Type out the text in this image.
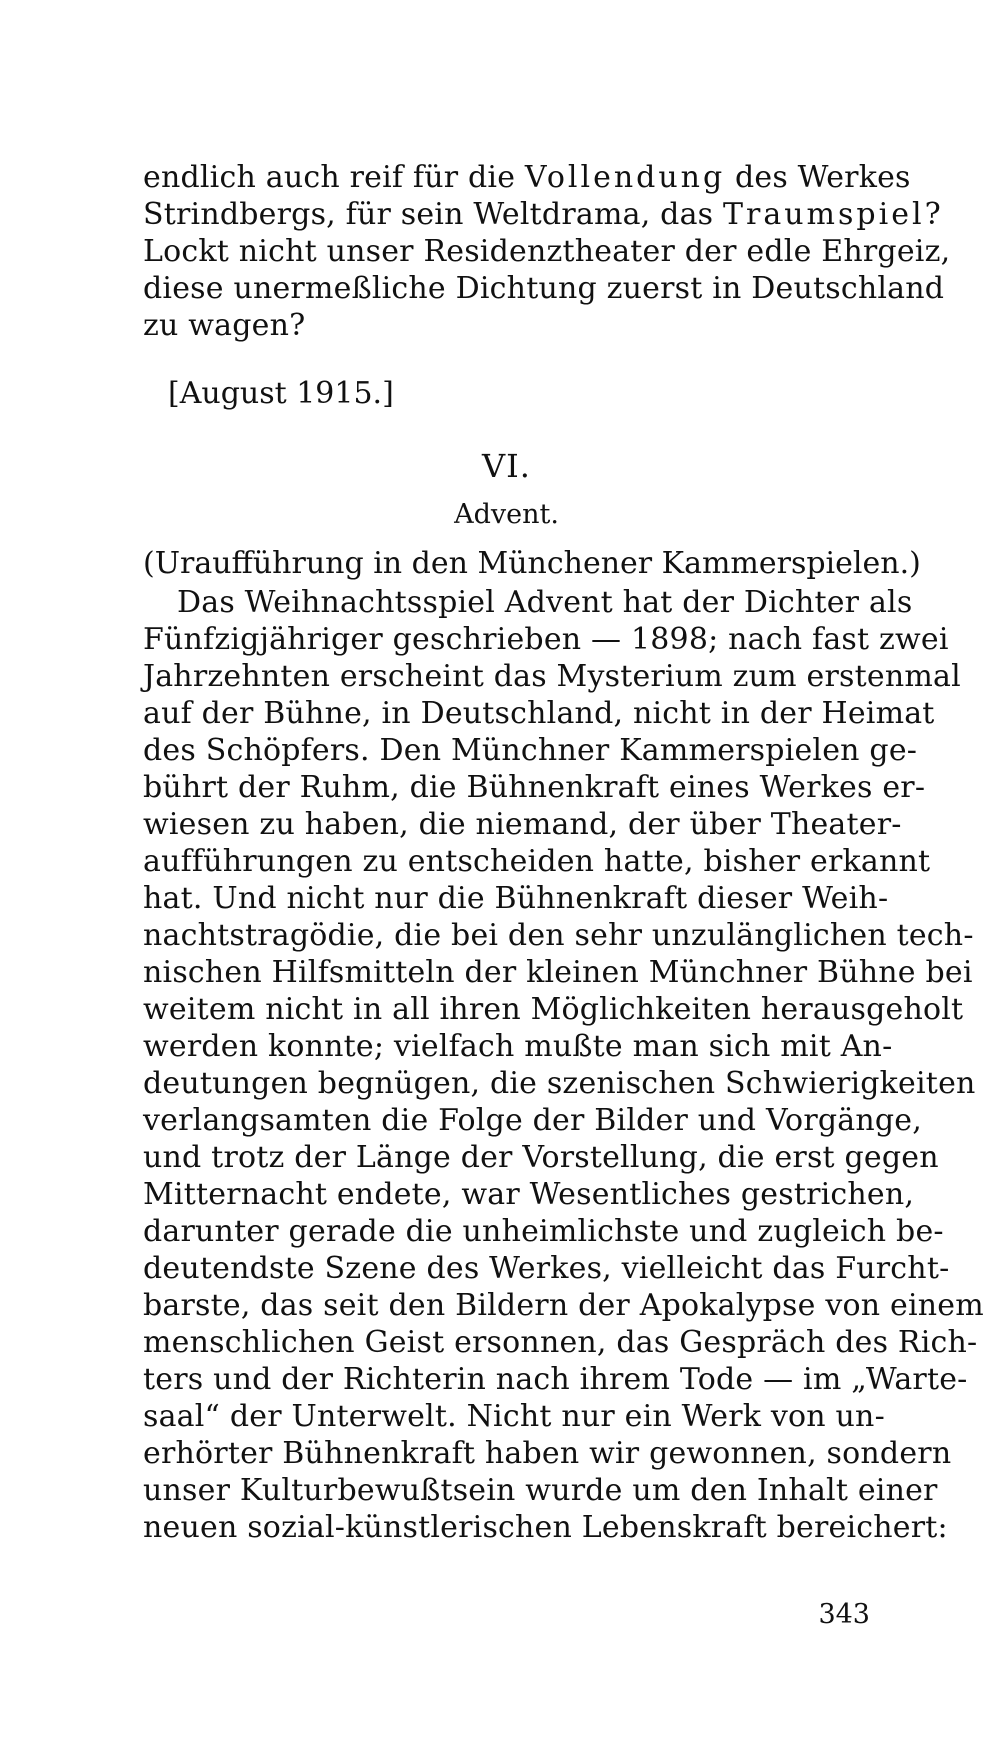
endlich auch reif für die Vollendung des Werkes
Strindbergs, für sein Weltdrama, das Traumspiel?
Lockt nicht unser Residenztheater der edle Ehrgeiz,
diese unermeßliche Dichtung zuerst in Deutschland
zu wagen?
[August 1915.]
VI.
Advent.
(Uraufführung in den Münchener Kammerspielen.)
Das Weihnachtsspiel Advent hat der Dichter als
Fünfzigjähriger geschrieben — 1898; nach fast zwei
Jahrzehnten erscheint das Mysterium zum erstenmal
auf der Bühne, in Deutschland, nicht in der Heimat
des Schöpfers. Den Münchner Kammerspielen ge-
bührt der Ruhm, die Bühnenkraft eines Werkes er-
wiesen zu haben, die niemand, der über Theater-
aufführungen zu entscheiden hatte, bisher erkannt
hat. Und nicht nur die Bühnenkraft dieser Weih-
nachtstragödie, die bei den sehr unzulänglichen tech-
nischen Hilfsmitteln der kleinen Münchner Bühne bei
weitem nicht in all ihren Möglichkeiten herausgeholt
werden konnte; vielfach mußte man sich mit An-
deutungen begnügen, die szenischen Schwierigkeiten
verlangsamten die Folge der Bilder und Vorgänge,
und trotz der Länge der Vorstellung, die erst gegen
Mitternacht endete, war Wesentliches gestrichen,
darunter gerade die unheimlichste und zugleich be-
deutendste Szene des Werkes, vielleicht das Furcht-
barste, das seit den Bildern der Apokalypse von einem
menschlichen Geist ersonnen, das Gespräch des Rich-
ters und der Richterin nach ihrem Tode — im „Warte-
saal“ der Unterwelt. Nicht nur ein Werk von un-
erhörter Bühnenkraft haben wir gewonnen, sondern
unser Kulturbewußtsein wurde um den Inhalt einer
neuen sozial-künstlerischen Lebenskraft bereichert:
343
